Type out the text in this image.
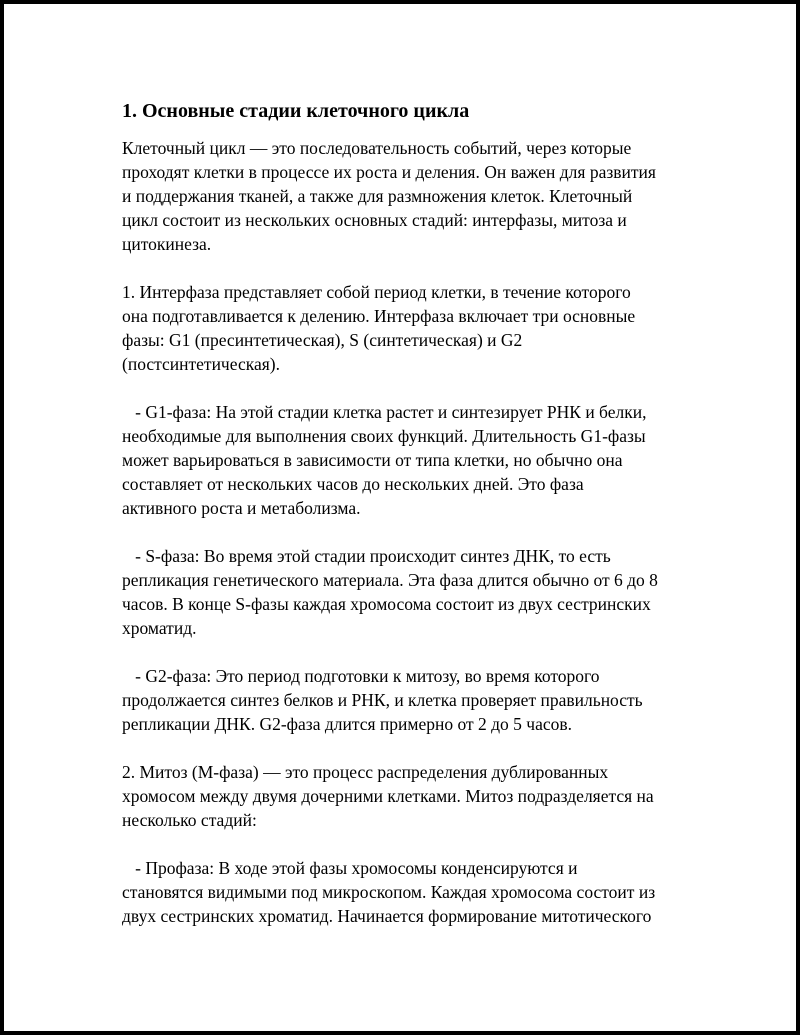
1. Основные стадии клеточного цикла
Клеточный цикл — это последовательность событий, через которые
проходят клетки в процессе их роста и деления. Он важен для развития
и поддержания тканей, а также для размножения клеток. Клеточный
цикл состоит из нескольких основных стадий: интерфазы, митоза и
цитокинеза.
1. Интерфаза представляет собой период клетки, в течение которого
она подготавливается к делению. Интерфаза включает три основные
фазы: G1 (пресинтетическая), S (синтетическая) и G2
(постсинтетическая).
- G1-фаза: На этой стадии клетка растет и синтезирует РНК и белки,
необходимые для выполнения своих функций. Длительность G1-фазы
может варьироваться в зависимости от типа клетки, но обычно она
составляет от нескольких часов до нескольких дней. Это фаза
активного роста и метаболизма.
- S-фаза: Во время этой стадии происходит синтез ДНК, то есть
репликация генетического материала. Эта фаза длится обычно от 6 до 8
часов. В конце S-фазы каждая хромосома состоит из двух сестринских
хроматид.
- G2-фаза: Это период подготовки к митозу, во время которого
продолжается синтез белков и РНК, и клетка проверяет правильность
репликации ДНК. G2-фаза длится примерно от 2 до 5 часов.
2. Митоз (М-фаза) — это процесс распределения дублированных
хромосом между двумя дочерними клетками. Митоз подразделяется на
несколько стадий:
- Профаза: В ходе этой фазы хромосомы конденсируются и
становятся видимыми под микроскопом. Каждая хромосома состоит из
двух сестринских хроматид. Начинается формирование митотического
